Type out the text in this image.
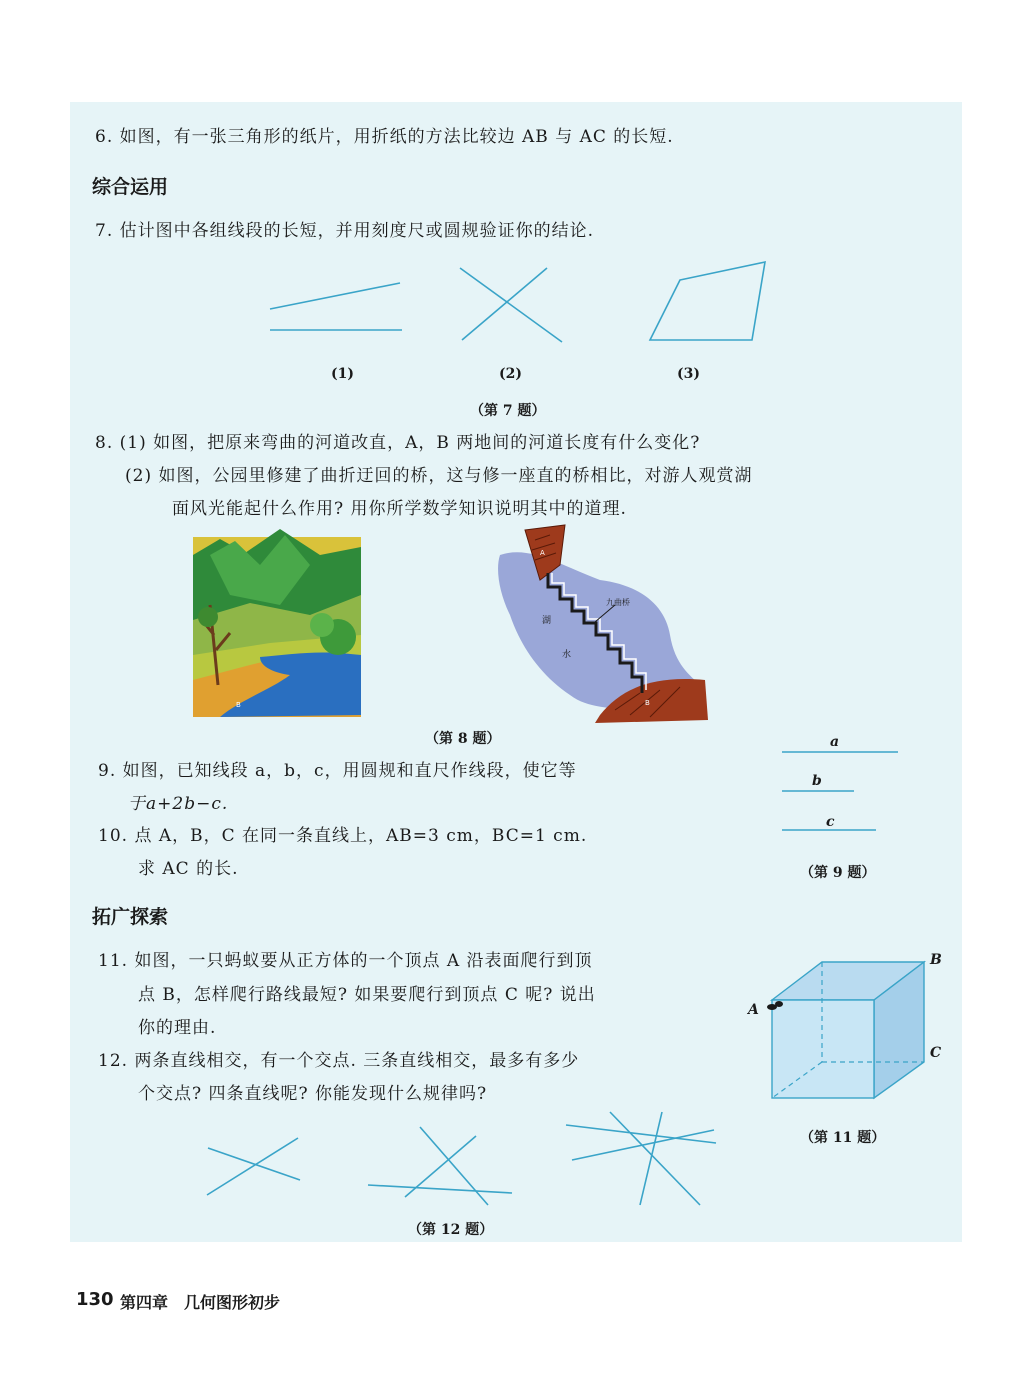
6. 如图，有一张三角形的纸片，用折纸的方法比较边 AB 与 AC 的长短.
综合运用
7. 估计图中各组线段的长短，并用刻度尺或圆规验证你的结论.
(1)	(2)	(3)
（第 7 题）
8. (1) 如图，把原来弯曲的河道改直，A，B 两地间的河道长度有什么变化?
(2) 如图，公园里修建了曲折迂回的桥，这与修一座直的桥相比，对游人观赏湖
面风光能起什么作用? 用你所学数学知识说明其中的道理.
B
九曲桥
湖
水
A
B
（第 8 题）
9. 如图，已知线段 a，b，c，用圆规和直尺作线段，使它等
于a+2b−c.
a
b
c
（第 9 题）
10. 点 A，B，C 在同一条直线上，AB=3 cm，BC=1 cm.
求 AC 的长.
拓广探索
11. 如图，一只蚂蚁要从正方体的一个顶点 A 沿表面爬行到顶
点 B，怎样爬行路线最短? 如果要爬行到顶点 C 呢? 说出
你的理由.
A
B
C
（第 11 题）
12. 两条直线相交，有一个交点. 三条直线相交，最多有多少
个交点? 四条直线呢? 你能发现什么规律吗?
（第 12 题）
130 第四章　几何图形初步
